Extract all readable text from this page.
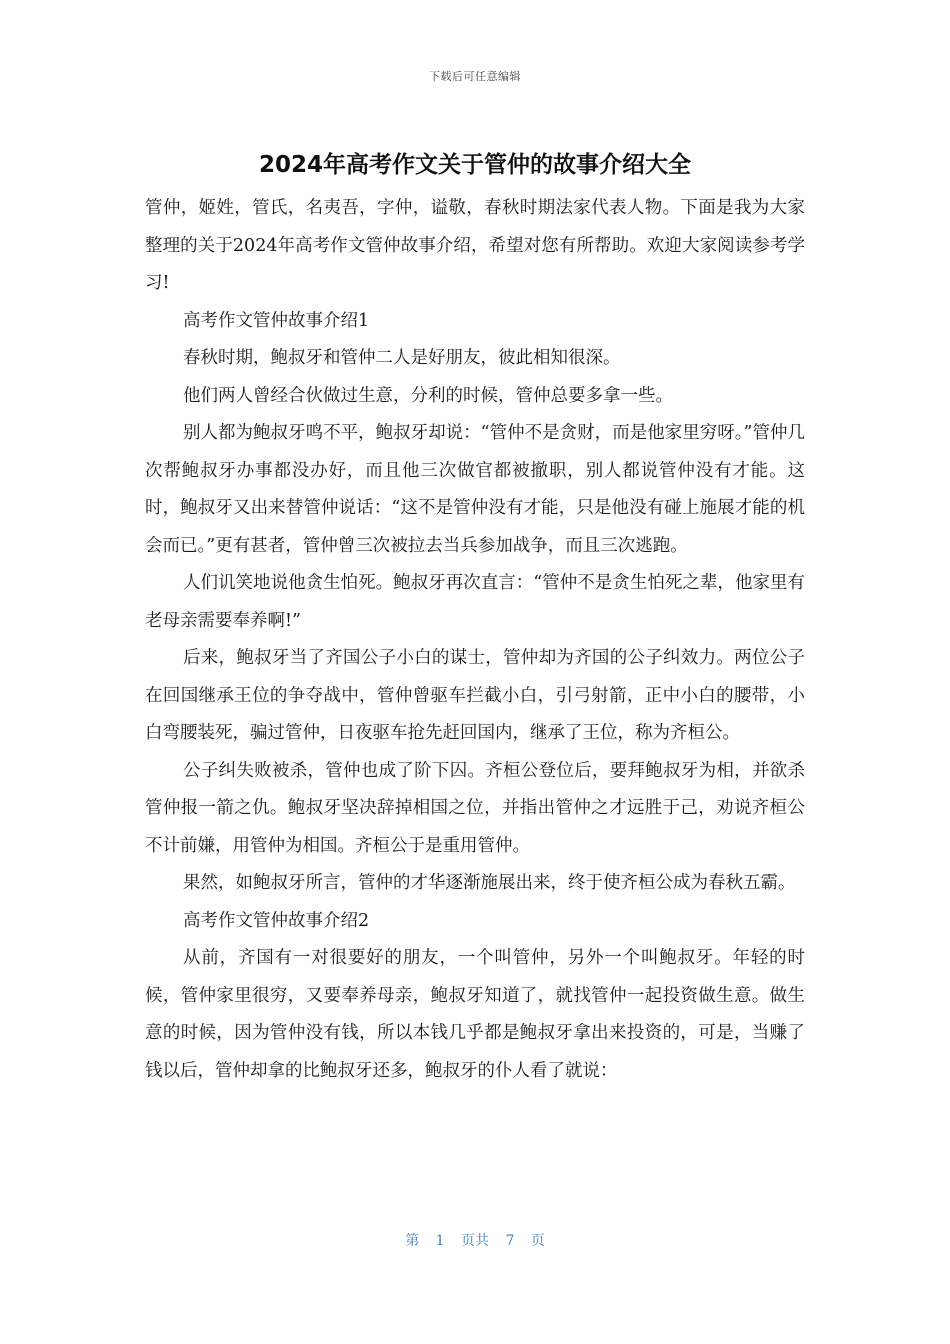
下载后可任意编辑
2024年高考作文关于管仲的故事介绍大全

管仲，姬姓，管氏，名夷吾，字仲，谥敬，春秋时期法家代表人物。下面是我为大家整理的关于2024年高考作文管仲故事介绍，希望对您有所帮助。欢迎大家阅读参考学习!

高考作文管仲故事介绍1

春秋时期，鲍叔牙和管仲二人是好朋友，彼此相知很深。

他们两人曾经合伙做过生意，分利的时候，管仲总要多拿一些。

别人都为鲍叔牙鸣不平，鲍叔牙却说：“管仲不是贪财，而是他家里穷呀。”管仲几次帮鲍叔牙办事都没办好，而且他三次做官都被撤职，别人都说管仲没有才能。这时，鲍叔牙又出来替管仲说话：“这不是管仲没有才能，只是他没有碰上施展才能的机会而已。”更有甚者，管仲曾三次被拉去当兵参加战争，而且三次逃跑。

人们讥笑地说他贪生怕死。鲍叔牙再次直言：“管仲不是贪生怕死之辈，他家里有老母亲需要奉养啊!”

后来，鲍叔牙当了齐国公子小白的谋士，管仲却为齐国的公子纠效力。两位公子在回国继承王位的争夺战中，管仲曾驱车拦截小白，引弓射箭，正中小白的腰带，小白弯腰装死，骗过管仲，日夜驱车抢先赶回国内，继承了王位，称为齐桓公。

公子纠失败被杀，管仲也成了阶下囚。齐桓公登位后，要拜鲍叔牙为相，并欲杀管仲报一箭之仇。鲍叔牙坚决辞掉相国之位，并指出管仲之才远胜于己，劝说齐桓公不计前嫌，用管仲为相国。齐桓公于是重用管仲。

果然，如鲍叔牙所言，管仲的才华逐渐施展出来，终于使齐桓公成为春秋五霸。

高考作文管仲故事介绍2

从前，齐国有一对很要好的朋友，一个叫管仲，另外一个叫鲍叔牙。年轻的时候，管仲家里很穷，又要奉养母亲，鲍叔牙知道了，就找管仲一起投资做生意。做生意的时候，因为管仲没有钱，所以本钱几乎都是鲍叔牙拿出来投资的，可是，当赚了钱以后，管仲却拿的比鲍叔牙还多，鲍叔牙的仆人看了就说：

第 1 页共 7 页
